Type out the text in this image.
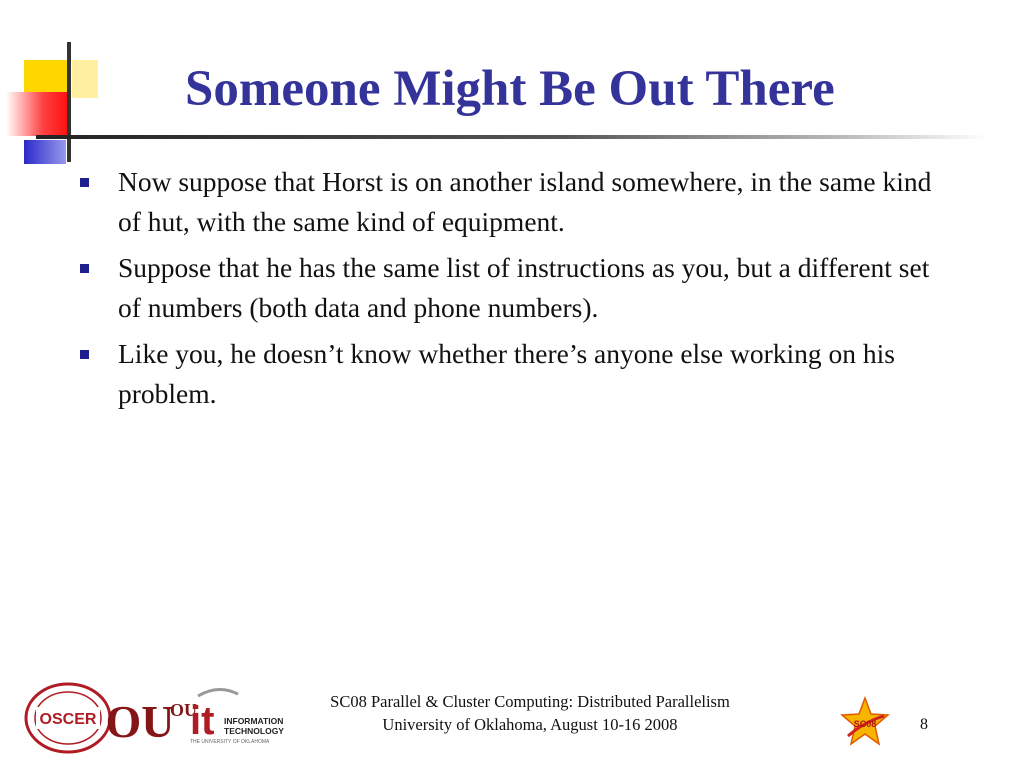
Someone Might Be Out There
Now suppose that Horst is on another island somewhere, in the same kind of hut, with the same kind of equipment.
Suppose that he has the same list of instructions as you, but a different set of numbers (both data and phone numbers).
Like you, he doesn’t know whether there’s anyone else working on his problem.
OSCER OU
OU
it INFORMATION
TECHNOLOGY
THE UNIVERSITY OF OKLAHOMA
SC08 Parallel & Cluster Computing: Distributed Parallelism
University of Oklahoma, August 10-16 2008	SC08	8
